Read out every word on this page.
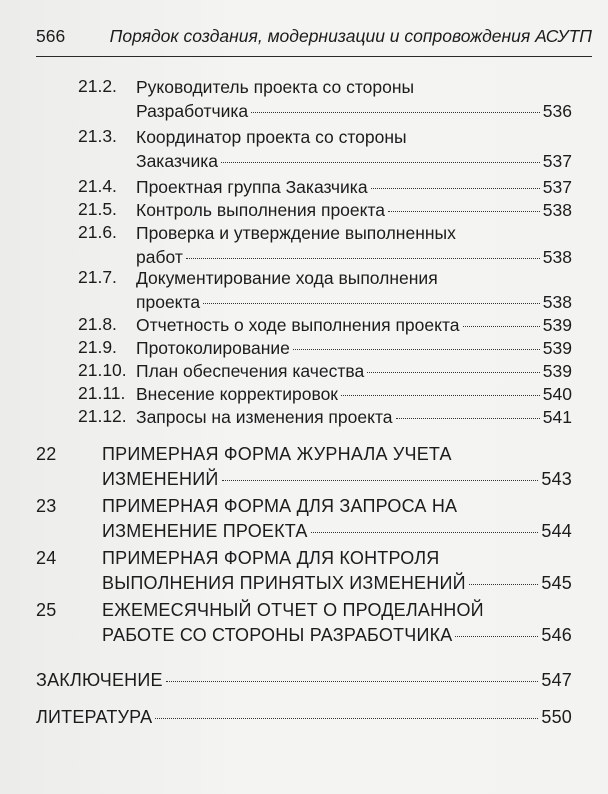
566	Порядок создания, модернизации и сопровождения АСУТП
21.2. Руководитель проекта со стороны
Разработчика	536
21.3. Координатор проекта со стороны
Заказчика	537
21.4. Проектная группа Заказчика	537
21.5. Контроль выполнения проекта	538
21.6. Проверка и утверждение выполненных
работ	538
21.7. Документирование хода выполнения
проекта	538
21.8. Отчетность о ходе выполнения проекта	539
21.9. Протоколирование	539
21.10. План обеспечения качества	539
21.11. Внесение корректировок	540
21.12. Запросы на изменения проекта	541
22	ПРИМЕРНАЯ ФОРМА ЖУРНАЛА УЧЕТА
ИЗМЕНЕНИЙ	543
23	ПРИМЕРНАЯ ФОРМА ДЛЯ ЗАПРОСА НА
ИЗМЕНЕНИЕ ПРОЕКТА	544
24	ПРИМЕРНАЯ ФОРМА ДЛЯ КОНТРОЛЯ
ВЫПОЛНЕНИЯ ПРИНЯТЫХ ИЗМЕНЕНИЙ	545
25	ЕЖЕМЕСЯЧНЫЙ ОТЧЕТ О ПРОДЕЛАННОЙ
РАБОТЕ СО СТОРОНЫ РАЗРАБОТЧИКА	546
ЗАКЛЮЧЕНИЕ	547
ЛИТЕРАТУРА	550
